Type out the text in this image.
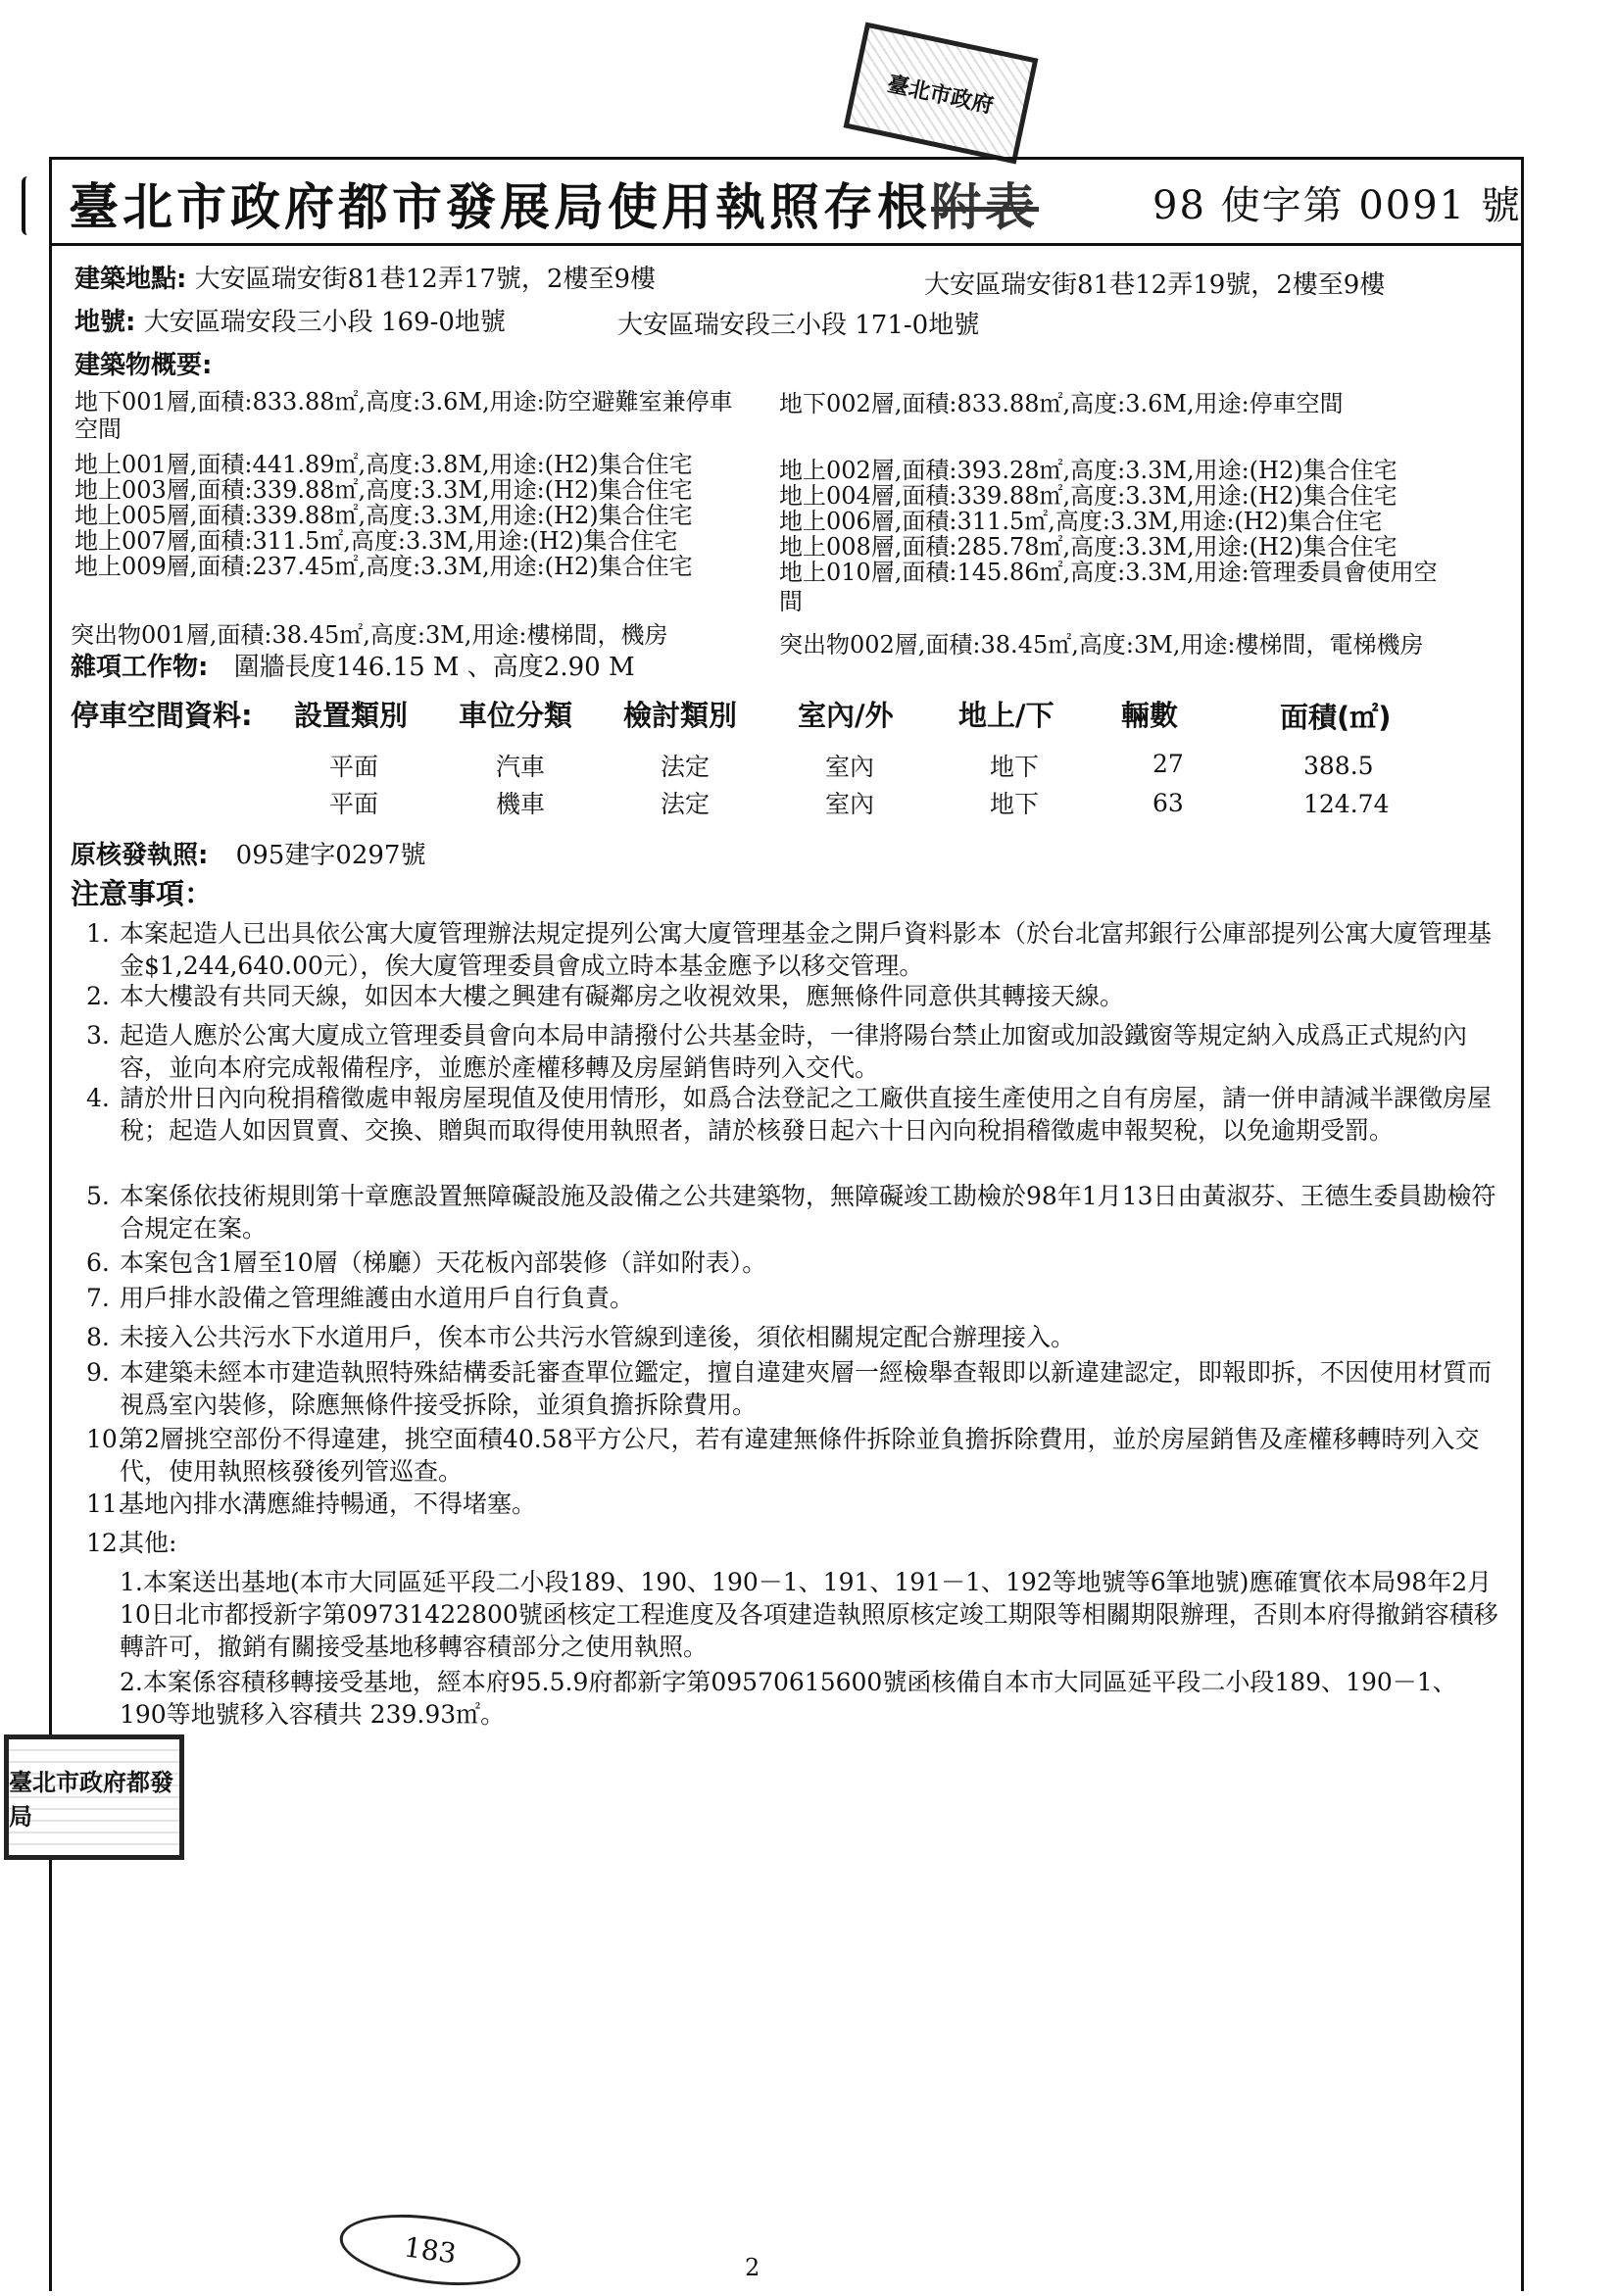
臺北市政府
臺北市政府都市發展局使用執照存根附表	98 使字第 0091 號
建築地點: 大安區瑞安街81巷12弄17號，2樓至9樓	大安區瑞安街81巷12弄19號，2樓至9樓
地號: 大安區瑞安段三小段 169-0地號	大安區瑞安段三小段 171-0地號
建築物概要:
地下001層,面積:833.88㎡,高度:3.6M,用途:防空避難室兼停車
空間
地下002層,面積:833.88㎡,高度:3.6M,用途:停車空間
地上001層,面積:441.89㎡,高度:3.8M,用途:(H2)集合住宅
地上003層,面積:339.88㎡,高度:3.3M,用途:(H2)集合住宅
地上005層,面積:339.88㎡,高度:3.3M,用途:(H2)集合住宅
地上007層,面積:311.5㎡,高度:3.3M,用途:(H2)集合住宅
地上009層,面積:237.45㎡,高度:3.3M,用途:(H2)集合住宅
地上002層,面積:393.28㎡,高度:3.3M,用途:(H2)集合住宅
地上004層,面積:339.88㎡,高度:3.3M,用途:(H2)集合住宅
地上006層,面積:311.5㎡,高度:3.3M,用途:(H2)集合住宅
地上008層,面積:285.78㎡,高度:3.3M,用途:(H2)集合住宅
地上010層,面積:145.86㎡,高度:3.3M,用途:管理委員會使用空
間
突出物001層,面積:38.45㎡,高度:3M,用途:樓梯間，機房	突出物002層,面積:38.45㎡,高度:3M,用途:樓梯間，電梯機房
雜項工作物: 圍牆長度146.15 M 、高度2.90 M
停車空間資料: 設置類別 車位分類 檢討類別 室內/外 地上/下 輛數	面積(㎡)
平面	汽車	法定	室內	地下	27	388.5
平面	機車	法定	室內	地下	63	124.74
原核發執照: 095建字0297號
注意事項：
1. 本案起造人已出具依公寓大廈管理辦法規定提列公寓大廈管理基金之開戶資料影本（於台北富邦銀行公庫部提列公寓大廈管理基金$1,244,640.00元），俟大廈管理委員會成立時本基金應予以移交管理。
2. 本大樓設有共同天線，如因本大樓之興建有礙鄰房之收視效果，應無條件同意供其轉接天線。
3. 起造人應於公寓大廈成立管理委員會向本局申請撥付公共基金時，一律將陽台禁止加窗或加設鐵窗等規定納入成爲正式規約內容，並向本府完成報備程序，並應於產權移轉及房屋銷售時列入交代。
4. 請於卅日內向稅捐稽徵處申報房屋現值及使用情形，如爲合法登記之工廠供直接生產使用之自有房屋，請一併申請減半課徵房屋稅；起造人如因買賣、交換、贈與而取得使用執照者，請於核發日起六十日內向稅捐稽徵處申報契稅，以免逾期受罰。
5. 本案係依技術規則第十章應設置無障礙設施及設備之公共建築物，無障礙竣工勘檢於98年1月13日由黃淑芬、王德生委員勘檢符合規定在案。
6. 本案包含1層至10層（梯廳）天花板內部裝修（詳如附表）。
7. 用戶排水設備之管理維護由水道用戶自行負責。
8. 未接入公共污水下水道用戶，俟本市公共污水管線到達後，須依相關規定配合辦理接入。
9. 本建築未經本市建造執照特殊結構委託審查單位鑑定，擅自違建夾層一經檢舉查報即以新違建認定，即報即拆，不因使用材質而視爲室內裝修，除應無條件接受拆除，並須負擔拆除費用。
10.
第2層挑空部份不得違建，挑空面積40.58平方公尺，若有違建無條件拆除並負擔拆除費用，並於房屋銷售及產權移轉時列入交代，使用執照核發後列管巡查。
11.
基地內排水溝應維持暢通，不得堵塞。
12.
其他:
1.本案送出基地(本市大同區延平段二小段189、190、190－1、191、191－1、192等地號等6筆地號)應確實依本局98年2月10日北市都授新字第09731422800號函核定工程進度及各項建造執照原核定竣工期限等相關期限辦理，否則本府得撤銷容積移轉許可，撤銷有關接受基地移轉容積部分之使用執照。
2.本案係容積移轉接受基地，經本府95.5.9府都新字第09570615600號函核備自本市大同區延平段二小段189、190－1、190等地號移入容積共 239.93㎡。
臺北市政府都發局
183	2
